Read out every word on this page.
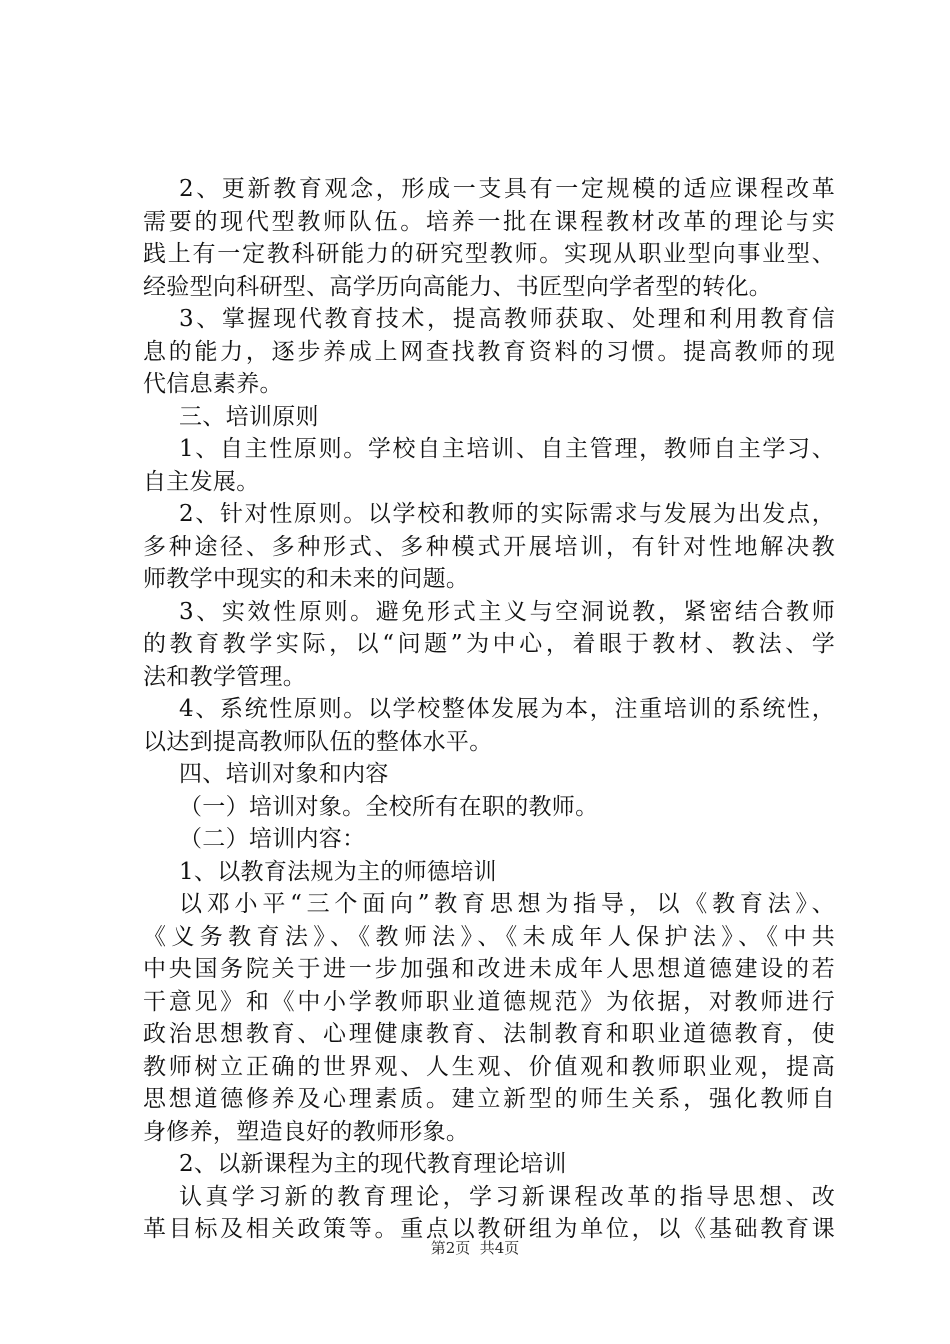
2、更新教育观念，形成一支具有一定规模的适应课程改革
需要的现代型教师队伍。培养一批在课程教材改革的理论与实
践上有一定教科研能力的研究型教师。实现从职业型向事业型、
经验型向科研型、高学历向高能力、书匠型向学者型的转化。
3、掌握现代教育技术，提高教师获取、处理和利用教育信
息的能力，逐步养成上网查找教育资料的习惯。提高教师的现
代信息素养。
三、培训原则
1、自主性原则。学校自主培训、自主管理，教师自主学习、
自主发展。
2、针对性原则。以学校和教师的实际需求与发展为出发点，
多种途径、多种形式、多种模式开展培训，有针对性地解决教
师教学中现实的和未来的问题。
3、实效性原则。避免形式主义与空洞说教，紧密结合教师
的教育教学实际，以“问题”为中心，着眼于教材、教法、学
法和教学管理。
4、系统性原则。以学校整体发展为本，注重培训的系统性，
以达到提高教师队伍的整体水平。
四、培训对象和内容
（一）培训对象。全校所有在职的教师。
（二）培训内容：
1、以教育法规为主的师德培训
以邓小平“三个面向”教育思想为指导，以《教育法》、
《义务教育法》、《教师法》、《未成年人保护法》、《中共
中央国务院关于进一步加强和改进未成年人思想道德建设的若
干意见》和《中小学教师职业道德规范》为依据，对教师进行
政治思想教育、心理健康教育、法制教育和职业道德教育，使
教师树立正确的世界观、人生观、价值观和教师职业观，提高
思想道德修养及心理素质。建立新型的师生关系，强化教师自
身修养，塑造良好的教师形象。
2、以新课程为主的现代教育理论培训
认真学习新的教育理论，学习新课程改革的指导思想、改
革目标及相关政策等。重点以教研组为单位，以《基础教育课
第2页  共4页
